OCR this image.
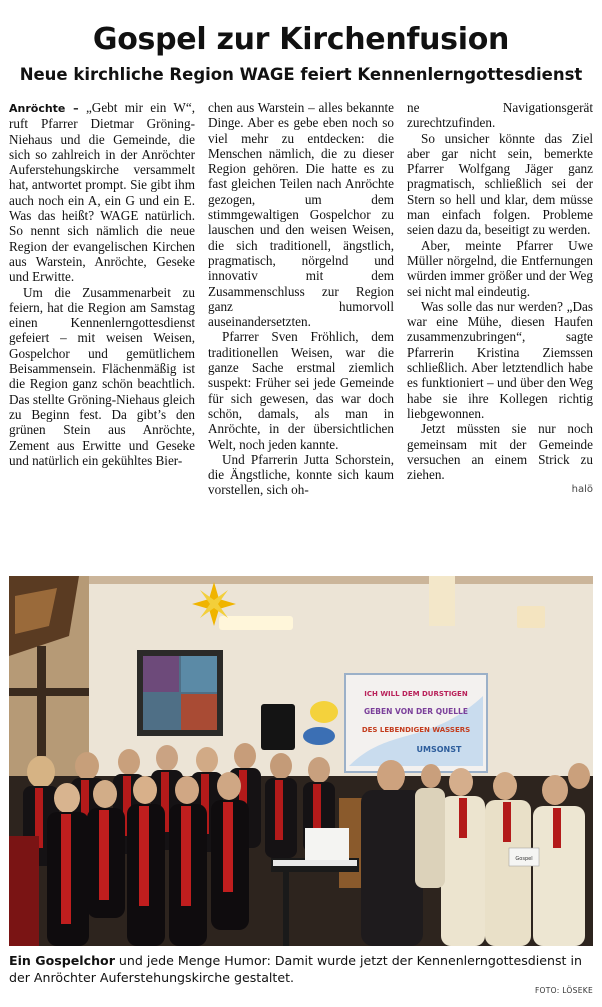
Gospel zur Kirchenfusion
Neue kirchliche Region WAGE feiert Kennenlerngottesdienst

Anröchte – „Gebt mir ein W“, ruft Pfarrer Dietmar Gröning-Niehaus und die Gemeinde, die sich so zahlreich in der Anröchter Auferstehungskirche versammelt hat, antwortet prompt. Sie gibt ihm auch noch ein A, ein G und ein E. Was das heißt? WAGE natürlich. So nennt sich nämlich die neue Region der evangelischen Kirchen aus Warstein, Anröchte, Geseke und Erwitte.

Um die Zusammenarbeit zu feiern, hat die Region am Samstag einen Kennenlerngottesdienst gefeiert – mit weisen Weisen, Gospelchor und gemütlichem Beisammensein. Flächenmäßig ist die Region ganz schön beachtlich. Das stellte Gröning-Niehaus gleich zu Beginn fest. Da gibt’s den grünen Stein aus Anröchte, Zement aus Erwitte und Geseke und natürlich ein gekühltes Bier-

chen aus Warstein – alles bekannte Dinge. Aber es gebe eben noch so viel mehr zu entdecken: die Menschen nämlich, die zu dieser Region gehören. Die hatte es zu fast gleichen Teilen nach Anröchte gezogen, um dem stimmgewaltigen Gospelchor zu lauschen und den weisen Weisen, die sich traditionell, ängstlich, pragmatisch, nörgelnd und innovativ mit dem Zusammenschluss zur Region ganz humorvoll auseinandersetzten.

Pfarrer Sven Fröhlich, dem traditionellen Weisen, war die ganze Sache erstmal ziemlich suspekt: Früher sei jede Gemeinde für sich gewesen, das war doch schön, damals, als man in Anröchte, in der übersichtlichen Welt, noch jeden kannte.

Und Pfarrerin Jutta Schorstein, die Ängstliche, konnte sich kaum vorstellen, sich oh-

ne Navigationsgerät zurechtzufinden.

So unsicher könnte das Ziel aber gar nicht sein, bemerkte Pfarrer Wolfgang Jäger ganz pragmatisch, schließlich sei der Stern so hell und klar, dem müsse man einfach folgen. Probleme seien dazu da, beseitigt zu werden.

Aber, meinte Pfarrer Uwe Müller nörgelnd, die Entfernungen würden immer größer und der Weg sei nicht mal eindeutig.

Was solle das nur werden? „Das war eine Mühe, diesen Haufen zusammenzubringen“, sagte Pfarrerin Kristina Ziemssen schließlich. Aber letztendlich habe es funktioniert – und über den Weg habe sie ihre Kollegen richtig liebgewonnen.

Jetzt müssten sie nur noch gemeinsam mit der Gemeinde versuchen an einem Strick zu ziehen.

halö
ICH WILL DEM DURSTIGEN
GEBEN VON DER QUELLE
DES LEBENDIGEN WASSERS
UMSONST
Gospel
Ein Gospelchor und jede Menge Humor: Damit wurde jetzt der Kennenlerngottesdienst in der Anröchter Auferstehungskirche gestaltet.
FOTO: LÖSEKE
